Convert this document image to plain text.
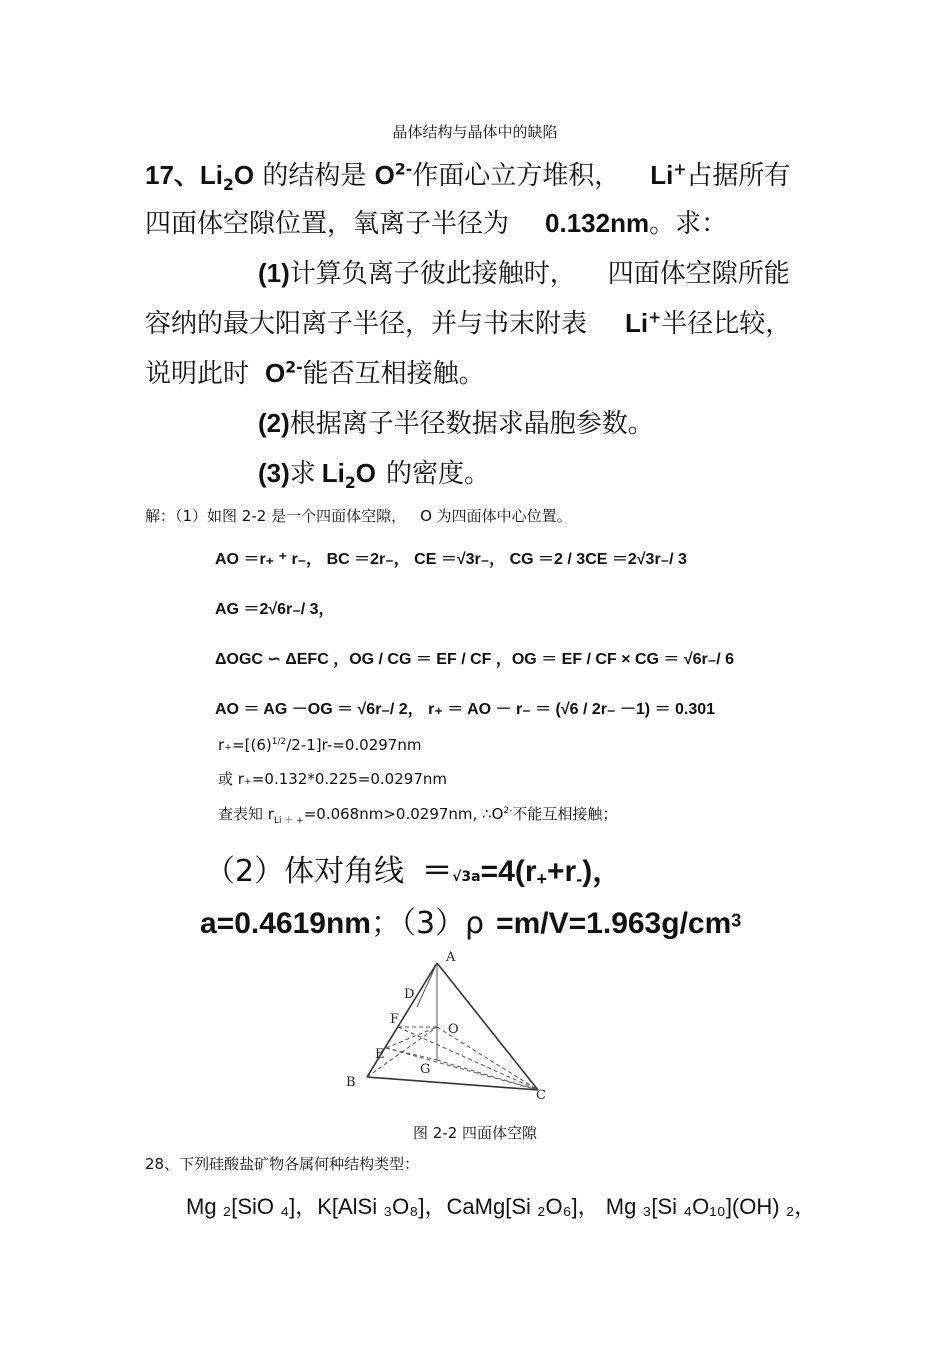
晶体结构与晶体中的缺陷
17、$Li_2O$ 的结构是 $O^{2-}$作面心立方堆积， Li+占据所有
四面体空隙位置，氧离子半径为 0.132nm。求：
(1)计算负离子彼此接触时， 四面体空隙所能
容纳的最大阳离子半径，并与书末附表 Li+半径比较，
说明此时 $O^{2-}$能否互相接触。
(2)根据离子半径数据求晶胞参数。
(3)求 $Li_2O$ 的密度。
解：（1）如图 2-2 是一个四面体空隙， O 为四面体中心位置。
AO ＝r₊ ⁺ r₋， BC ＝2r₋， CE ＝√3r₋， CG ＝2 / 3CE ＝2√3r₋/ 3
AG ＝2√6r₋/ 3，
ΔOGC ∽ ΔEFC ，OG / CG ＝ EF / CF ，OG ＝ EF / CF × CG ＝ √6r₋/ 6
AO ＝ AG －OG ＝ √6r₋/ 2， r₊ ＝ AO － r₋ ＝ (√6 / 2r₋ －1) ＝ 0.301
$r_+=[(6)^{1/2}/2-1]r-=0.0297nm$
或 r₊=0.132*0.225=0.0297nm
查表知 $r_{Li + +}=0.068nm>0.0297nm$, $\therefore O^{2-}$不能互相接触；
（2）体对角线 $=√3a=4(r_++r_-)$，
a=0.4619nm；$(3)\rho =m/V=1.963g/cm^3$
A
B
C
D
E
F
G
O
图 2-2 四面体空隙
28、下列硅酸盐矿物各属何种结构类型：
Mg ₂[SiO ₄]，K[AlSi ₃O₈]，CaMg[Si ₂O₆]， Mg ₃[Si ₄O₁₀](OH) ₂，
